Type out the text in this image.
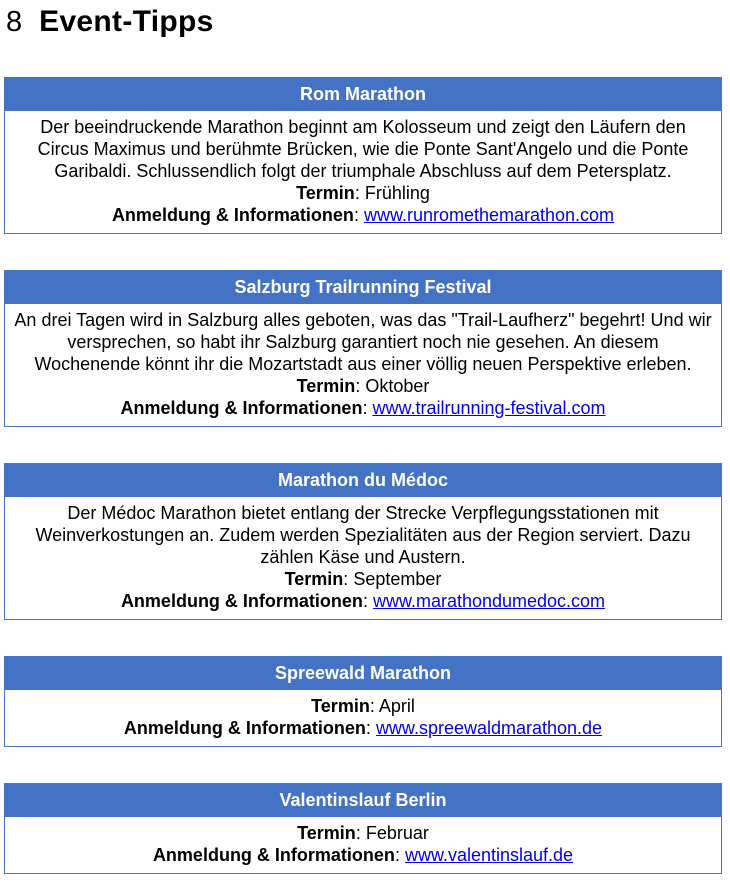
8 Event-Tipps
Rom Marathon

Der beeindruckende Marathon beginnt am Kolosseum und zeigt den Läufern den Circus Maximus und berühmte Brücken, wie die Ponte Sant'Angelo und die Ponte Garibaldi. Schlussendlich folgt der triumphale Abschluss auf dem Petersplatz.

Termin: Frühling

Anmeldung & Informationen: www.runromethemarathon.com

Salzburg Trailrunning Festival

An drei Tagen wird in Salzburg alles geboten, was das "Trail-Laufherz" begehrt! Und wir versprechen, so habt ihr Salzburg garantiert noch nie gesehen. An diesem Wochenende könnt ihr die Mozartstadt aus einer völlig neuen Perspektive erleben.

Termin: Oktober

Anmeldung & Informationen: www.trailrunning-festival.com

Marathon du Médoc

Der Médoc Marathon bietet entlang der Strecke Verpflegungsstationen mit Weinverkostungen an. Zudem werden Spezialitäten aus der Region serviert. Dazu zählen Käse und Austern.

Termin: September

Anmeldung & Informationen: www.marathondumedoc.com

Spreewald Marathon

Termin: April

Anmeldung & Informationen: www.spreewaldmarathon.de

Valentinslauf Berlin

Termin: Februar

Anmeldung & Informationen: www.valentinslauf.de
